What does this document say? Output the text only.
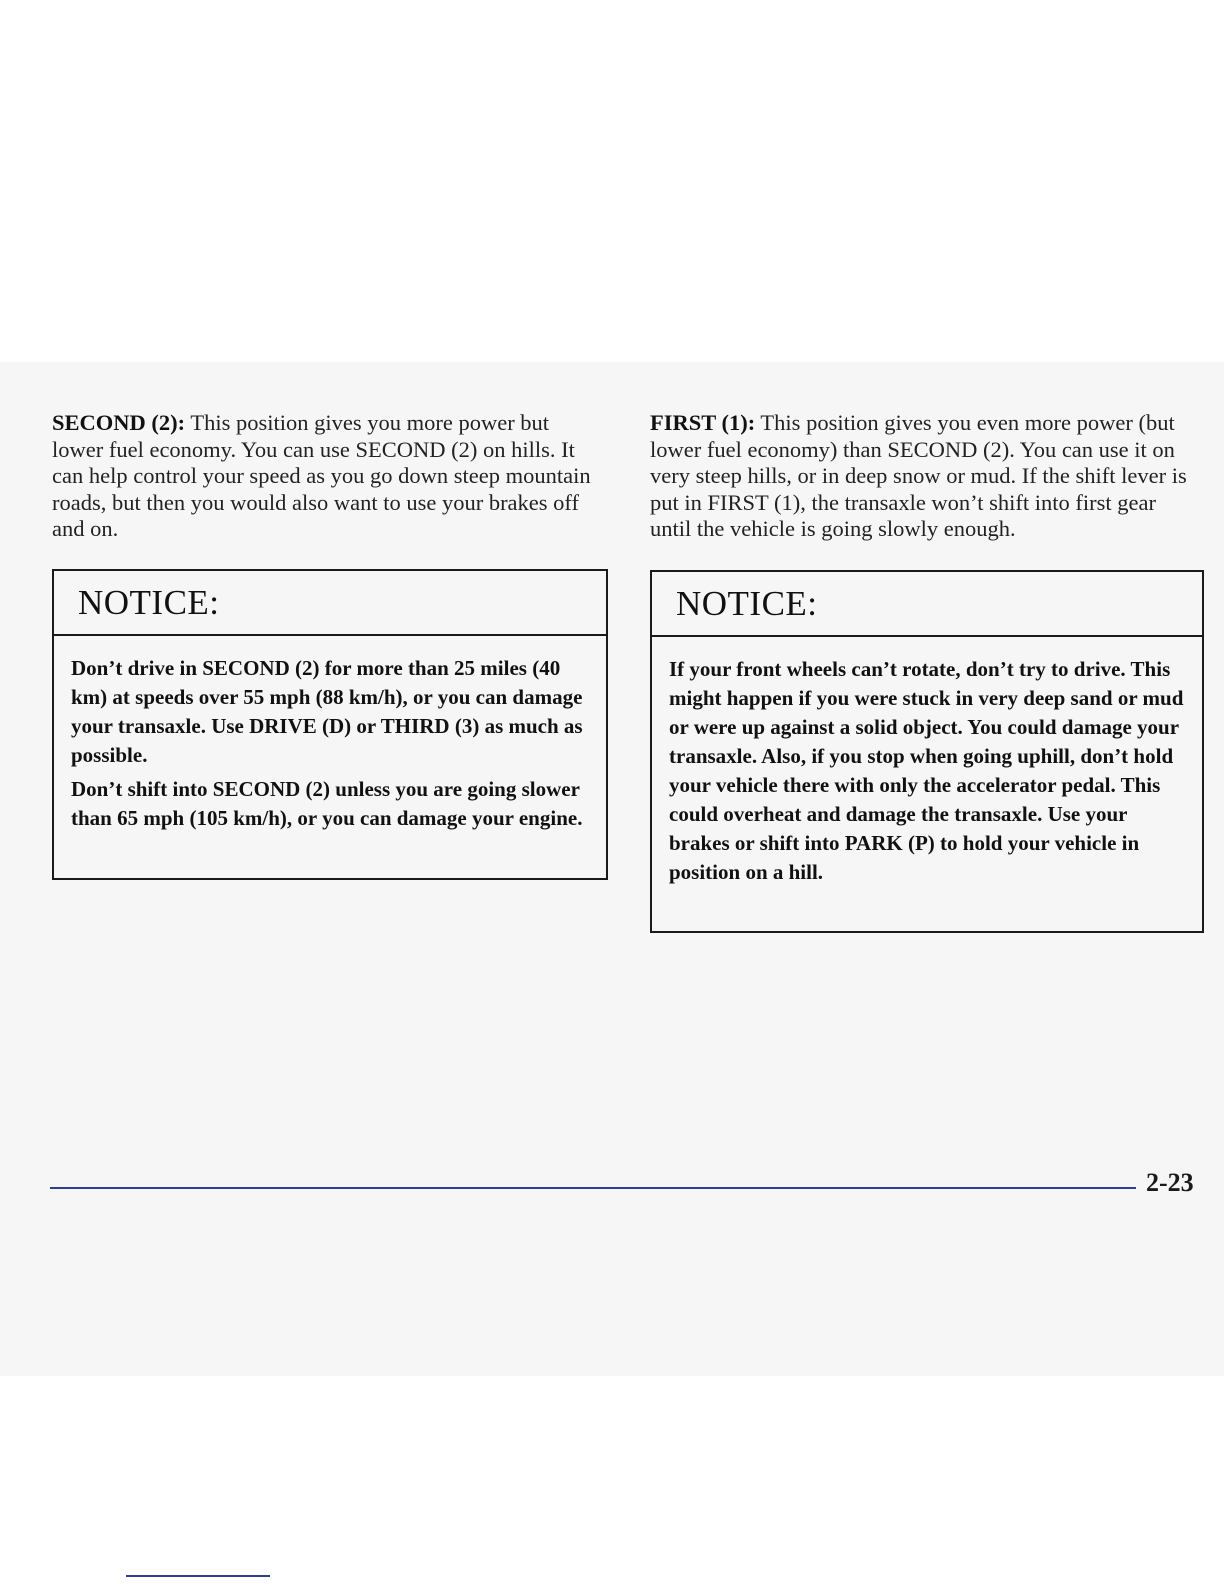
SECOND (2): This position gives you more power but lower fuel economy. You can use SECOND (2) on hills. It can help control your speed as you go down steep mountain roads, but then you would also want to use your brakes off and on.

FIRST (1): This position gives you even more power (but lower fuel economy) than SECOND (2). You can use it on very steep hills, or in deep snow or mud. If the shift lever is put in FIRST (1), the transaxle won’t shift into first gear until the vehicle is going slowly enough.

NOTICE:

Don’t drive in SECOND (2) for more than 25 miles (40 km) at speeds over 55 mph (88 km/h), or you can damage your transaxle. Use DRIVE (D) or THIRD (3) as much as possible.

Don’t shift into SECOND (2) unless you are going slower than 65 mph (105 km/h), or you can damage your engine.

NOTICE:

If your front wheels can’t rotate, don’t try to drive. This might happen if you were stuck in very deep sand or mud or were up against a solid object. You could damage your transaxle. Also, if you stop when going uphill, don’t hold your vehicle there with only the accelerator pedal. This could overheat and damage the transaxle. Use your brakes or shift into PARK (P) to hold your vehicle in position on a hill.

2-23
